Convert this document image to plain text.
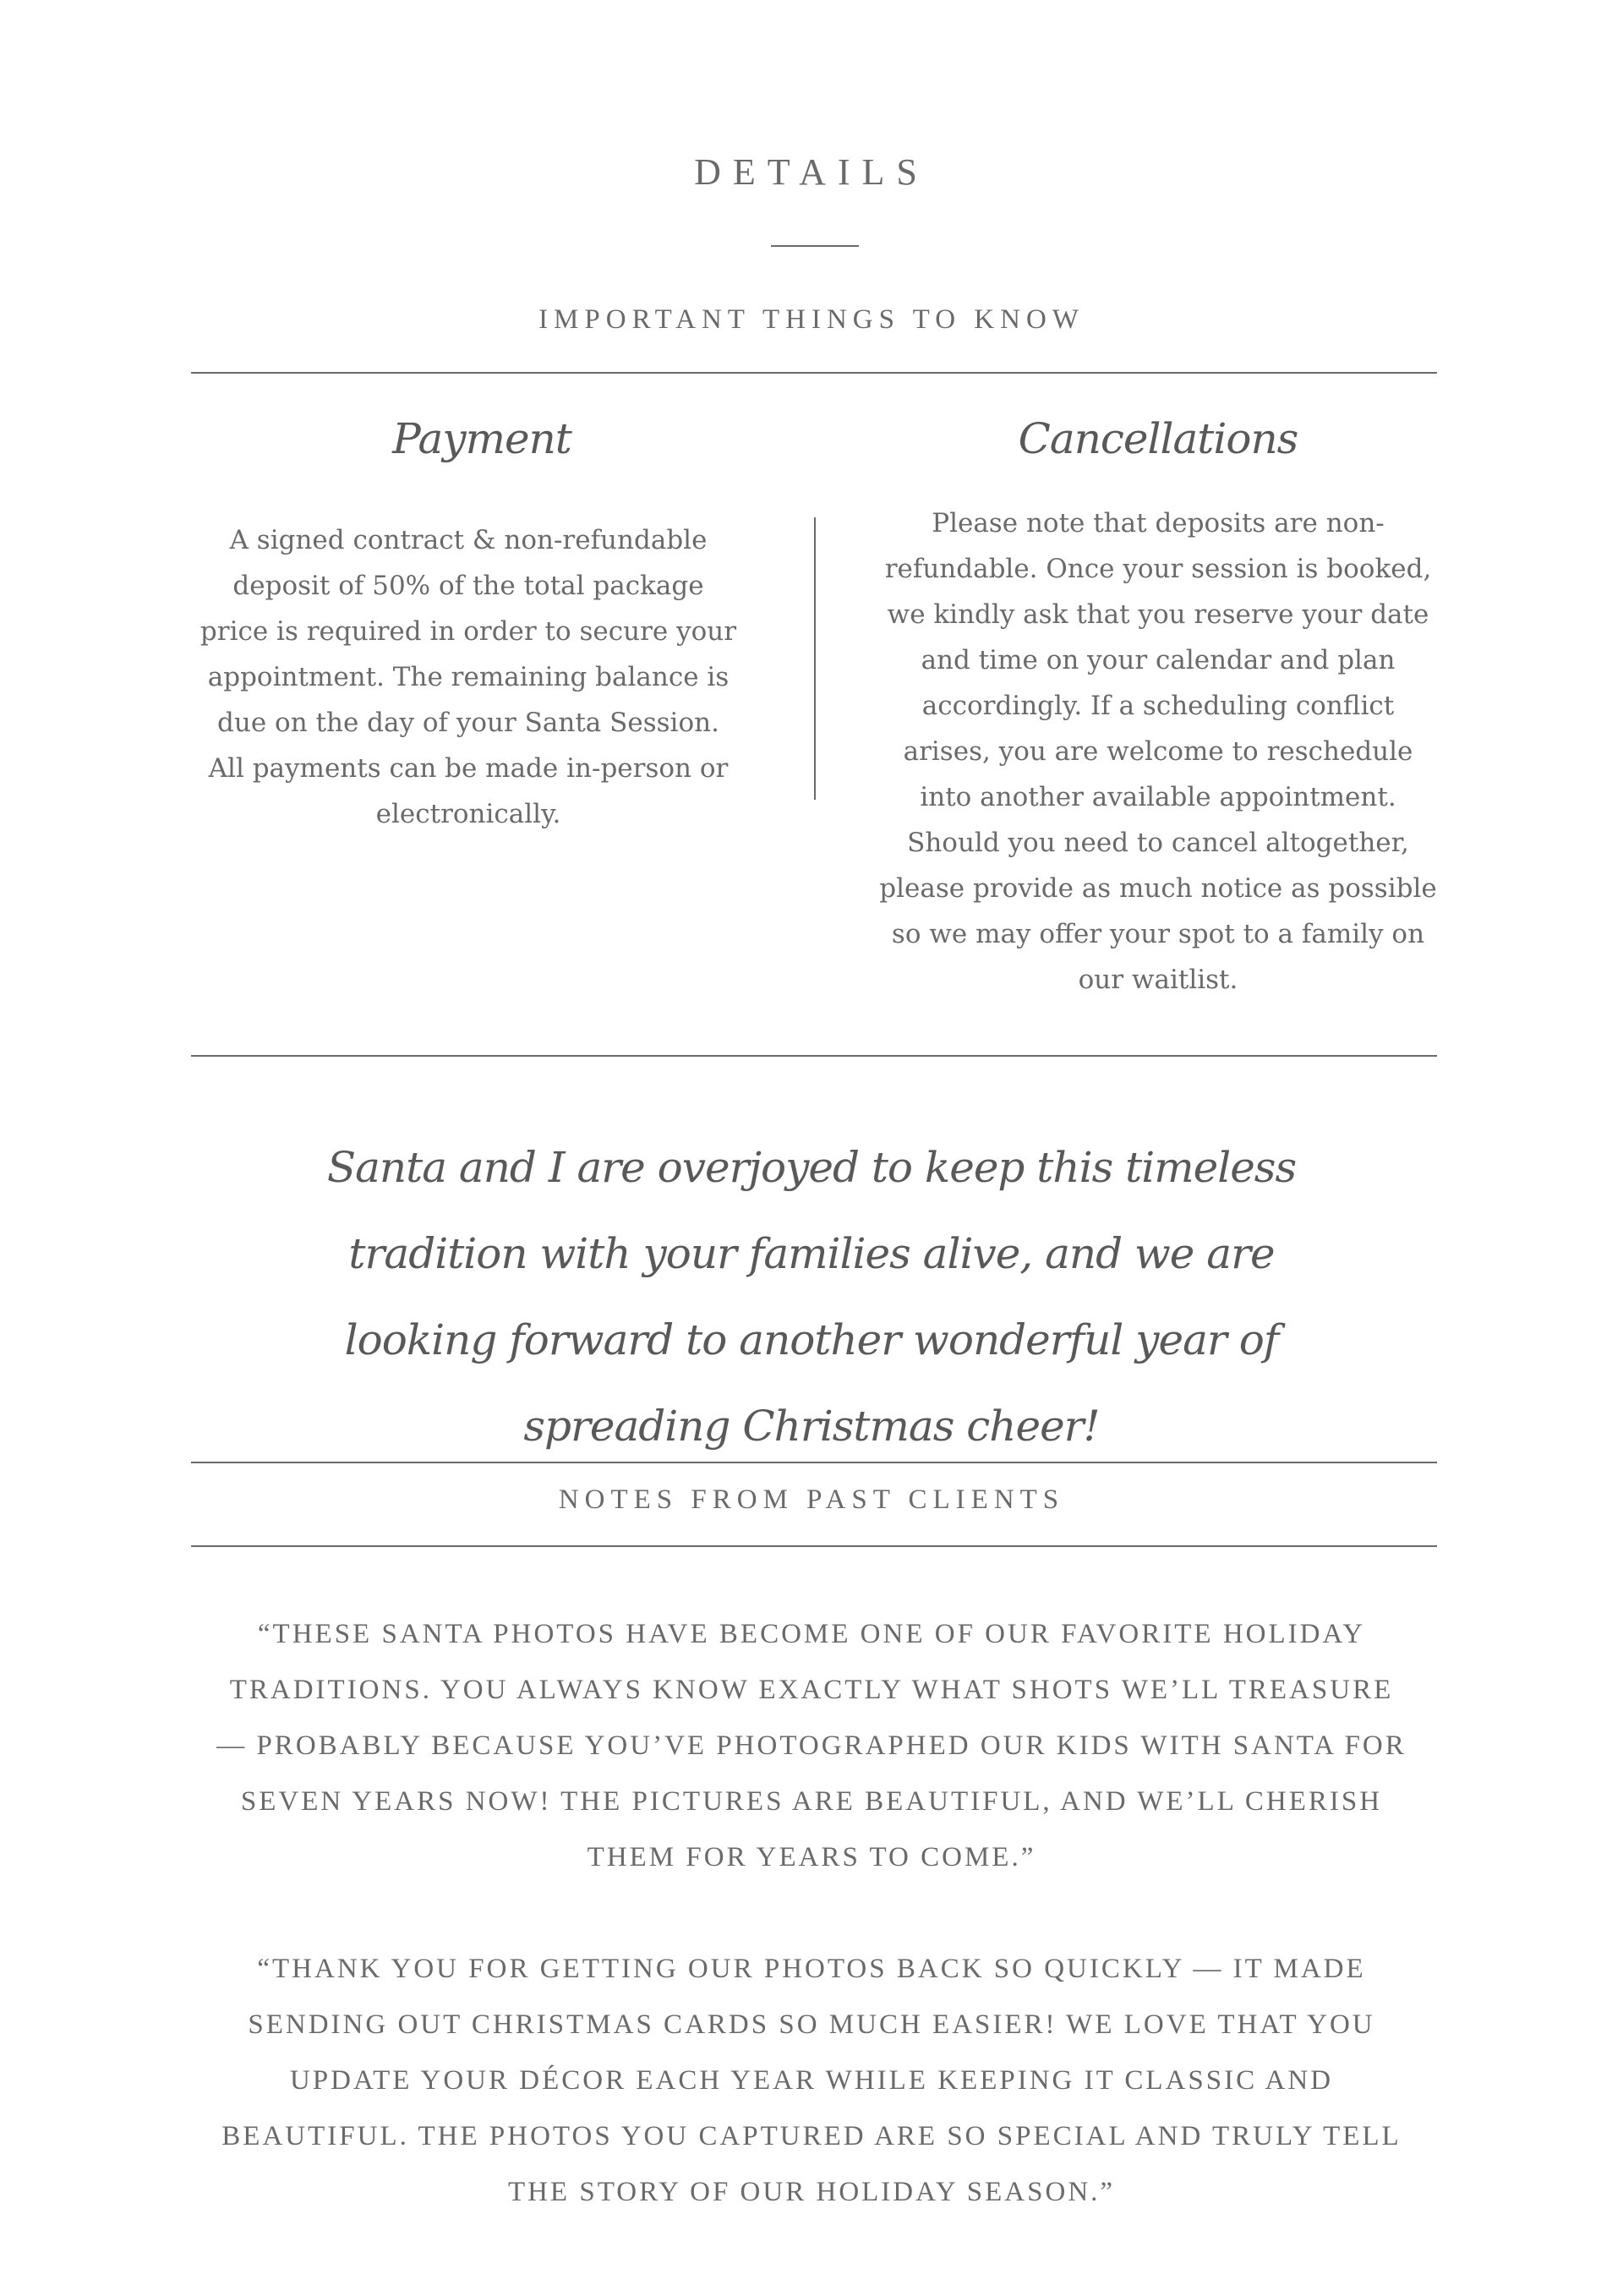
DETAILS
IMPORTANT THINGS TO KNOW
Payment
A signed contract & non-refundable deposit of 50% of the total package price is required in order to secure your appointment. The remaining balance is due on the day of your Santa Session. All payments can be made in-person or electronically.
Cancellations
Please note that deposits are non-refundable. Once your session is booked, we kindly ask that you reserve your date and time on your calendar and plan accordingly. If a scheduling conflict arises, you are welcome to reschedule into another available appointment. Should you need to cancel altogether, please provide as much notice as possible so we may offer your spot to a family on our waitlist.
Santa and I are overjoyed to keep this timeless tradition with your families alive, and we are looking forward to another wonderful year of spreading Christmas cheer!
NOTES FROM PAST CLIENTS
“THESE SANTA PHOTOS HAVE BECOME ONE OF OUR FAVORITE HOLIDAY TRADITIONS. YOU ALWAYS KNOW EXACTLY WHAT SHOTS WE’LL TREASURE — PROBABLY BECAUSE YOU’VE PHOTOGRAPHED OUR KIDS WITH SANTA FOR SEVEN YEARS NOW! THE PICTURES ARE BEAUTIFUL, AND WE’LL CHERISH THEM FOR YEARS TO COME.”
“THANK YOU FOR GETTING OUR PHOTOS BACK SO QUICKLY — IT MADE SENDING OUT CHRISTMAS CARDS SO MUCH EASIER! WE LOVE THAT YOU UPDATE YOUR DÉCOR EACH YEAR WHILE KEEPING IT CLASSIC AND BEAUTIFUL. THE PHOTOS YOU CAPTURED ARE SO SPECIAL AND TRULY TELL THE STORY OF OUR HOLIDAY SEASON.”
